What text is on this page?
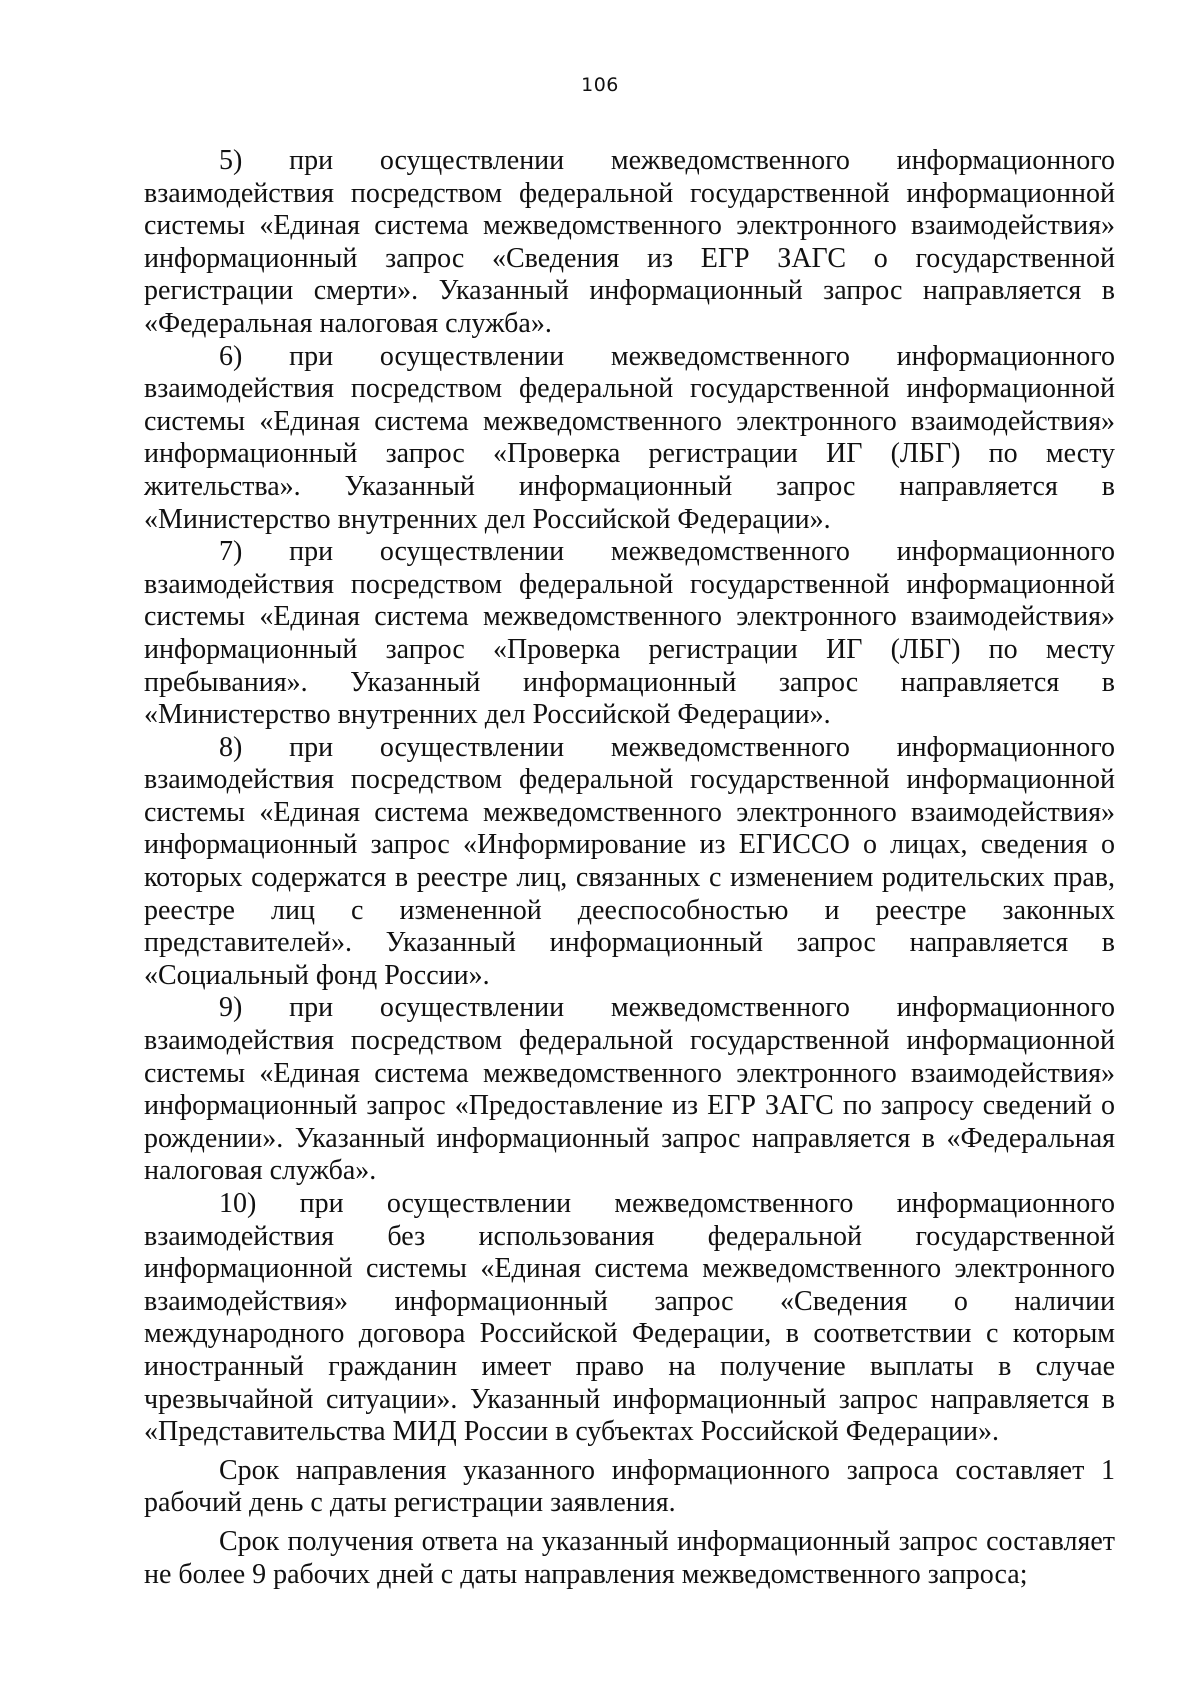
106

5) при осуществлении межведомственного информационного взаимодействия посредством федеральной государственной информационной системы «Единая система межведомственного электронного взаимодействия» информационный запрос «Сведения из ЕГР ЗАГС о государственной регистрации смерти». Указанный информационный запрос направляется в «Федеральная налоговая служба».

6) при осуществлении межведомственного информационного взаимодействия посредством федеральной государственной информационной системы «Единая система межведомственного электронного взаимодействия» информационный запрос «Проверка регистрации ИГ (ЛБГ) по месту жительства». Указанный информационный запрос направляется в «Министерство внутренних дел Российской Федерации».

7) при осуществлении межведомственного информационного взаимодействия посредством федеральной государственной информационной системы «Единая система межведомственного электронного взаимодействия» информационный запрос «Проверка регистрации ИГ (ЛБГ) по месту пребывания». Указанный информационный запрос направляется в «Министерство внутренних дел Российской Федерации».

8) при осуществлении межведомственного информационного взаимодействия посредством федеральной государственной информационной системы «Единая система межведомственного электронного взаимодействия» информационный запрос «Информирование из ЕГИССО о лицах, сведения о которых содержатся в реестре лиц, связанных с изменением родительских прав, реестре лиц с измененной дееспособностью и реестре законных представителей». Указанный информационный запрос направляется в «Социальный фонд России».

9) при осуществлении межведомственного информационного взаимодействия посредством федеральной государственной информационной системы «Единая система межведомственного электронного взаимодействия» информационный запрос «Предоставление из ЕГР ЗАГС по запросу сведений о рождении». Указанный информационный запрос направляется в «Федеральная налоговая служба».

10) при осуществлении межведомственного информационного взаимодействия без использования федеральной государственной информационной системы «Единая система межведомственного электронного взаимодействия» информационный запрос «Сведения о наличии международного договора Российской Федерации, в соответствии с которым иностранный гражданин имеет право на получение выплаты в случае чрезвычайной ситуации». Указанный информационный запрос направляется в «Представительства МИД России в субъектах Российской Федерации».

Срок направления указанного информационного запроса составляет 1 рабочий день с даты регистрации заявления.

Срок получения ответа на указанный информационный запрос составляет не более 9 рабочих дней с даты направления межведомственного запроса;
